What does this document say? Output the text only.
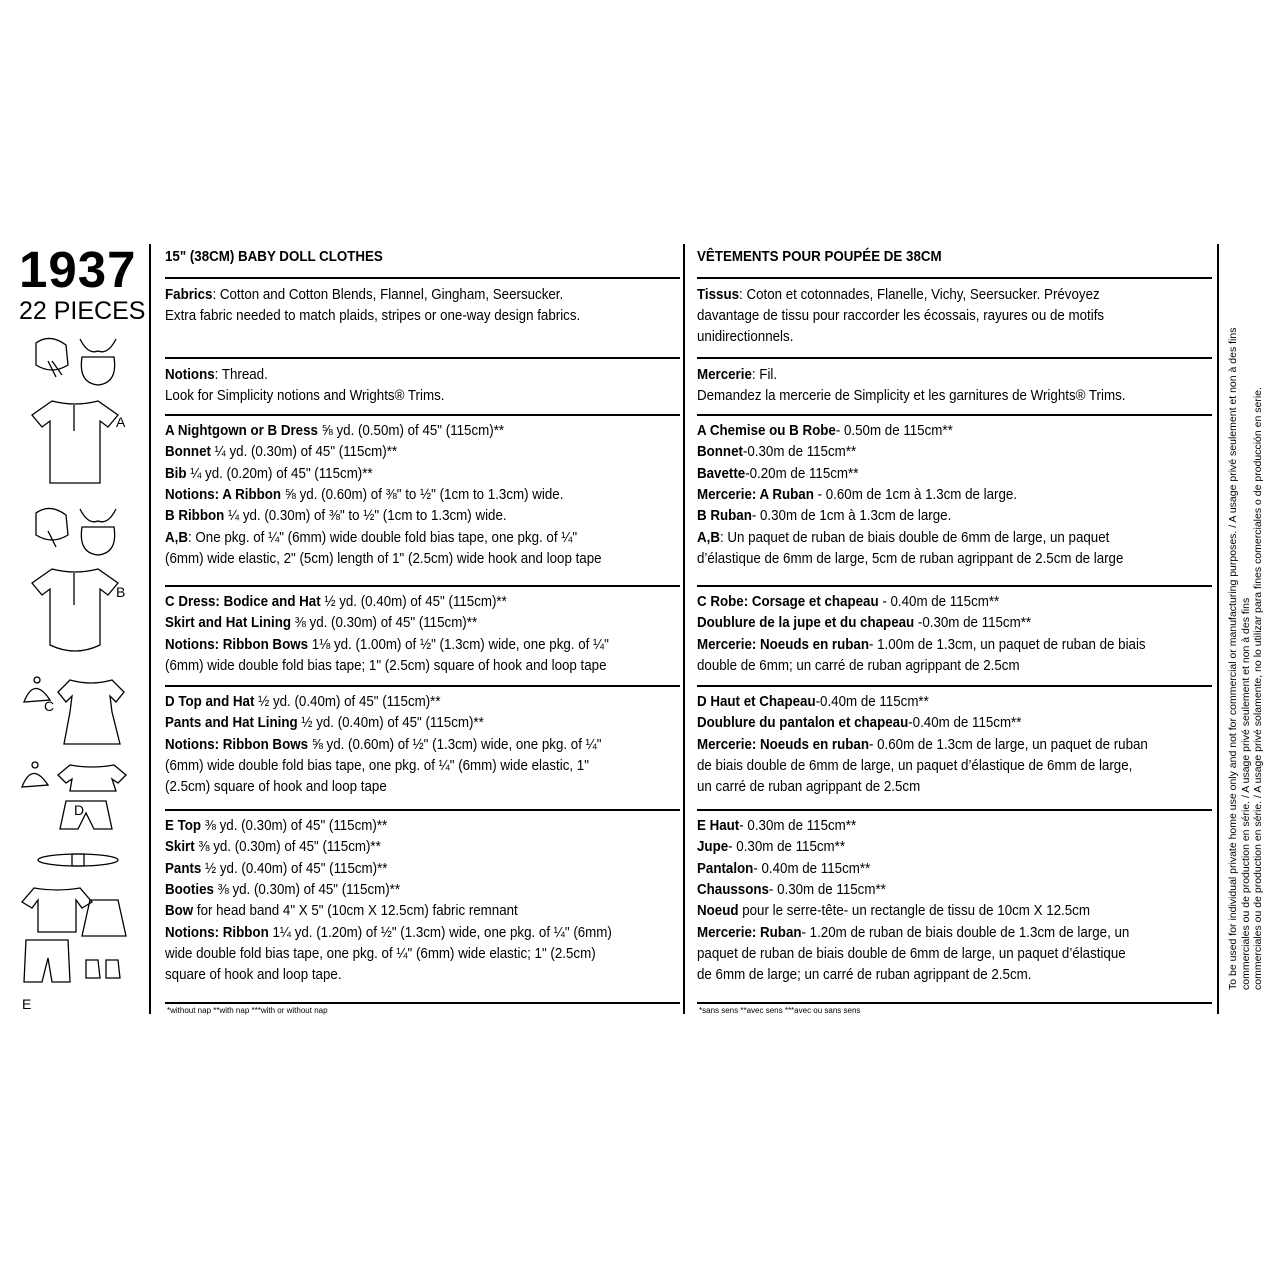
1937
22 PIECES
A
B
C
D
E
15" (38CM) BABY DOLL CLOTHES
Fabrics: Cotton and Cotton Blends, Flannel, Gingham, Seersucker.
Extra fabric needed to match plaids, stripes or one-way design fabrics.
Notions: Thread.
Look for Simplicity notions and Wrights® Trims.
A Nightgown or B Dress ⅝ yd. (0.50m) of 45" (115cm)**
Bonnet ¼ yd. (0.30m) of 45" (115cm)**
Bib ¼ yd. (0.20m) of 45" (115cm)**
Notions: A Ribbon ⅝ yd. (0.60m) of ⅜" to ½" (1cm to 1.3cm) wide.
B Ribbon ¼ yd. (0.30m) of ⅜" to ½" (1cm to 1.3cm) wide.
A,B: One pkg. of ¼" (6mm) wide double fold bias tape, one pkg. of ¼"
(6mm) wide elastic, 2" (5cm) length of 1" (2.5cm) wide hook and loop tape
C Dress: Bodice and Hat ½ yd. (0.40m) of 45" (115cm)**
Skirt and Hat Lining ⅜ yd. (0.30m) of 45" (115cm)**
Notions: Ribbon Bows 1⅛ yd. (1.00m) of ½" (1.3cm) wide, one pkg. of ¼"
(6mm) wide double fold bias tape; 1" (2.5cm) square of hook and loop tape
D Top and Hat ½ yd. (0.40m) of 45" (115cm)**
Pants and Hat Lining ½ yd. (0.40m) of 45" (115cm)**
Notions: Ribbon Bows ⅝ yd. (0.60m) of ½" (1.3cm) wide, one pkg. of ¼"
(6mm) wide double fold bias tape, one pkg. of ¼" (6mm) wide elastic, 1"
(2.5cm) square of hook and loop tape
E Top ⅜ yd. (0.30m) of 45" (115cm)**
Skirt ⅜ yd. (0.30m) of 45" (115cm)**
Pants ½ yd. (0.40m) of 45" (115cm)**
Booties ⅜ yd. (0.30m) of 45" (115cm)**
Bow for head band 4" X 5" (10cm X 12.5cm) fabric remnant
Notions: Ribbon 1¼ yd. (1.20m) of ½" (1.3cm) wide, one pkg. of ¼" (6mm)
wide double fold bias tape, one pkg. of ¼" (6mm) wide elastic; 1" (2.5cm)
square of hook and loop tape.
*without nap **with nap ***with or without nap
VÊTEMENTS POUR POUPÉE DE 38CM
Tissus: Coton et cotonnades, Flanelle, Vichy, Seersucker. Prévoyez
davantage de tissu pour raccorder les écossais, rayures ou de motifs
unidirectionnels.
Mercerie: Fil.
Demandez la mercerie de Simplicity et les garnitures de Wrights® Trims.
A Chemise ou B Robe- 0.50m de 115cm**
Bonnet-0.30m de 115cm**
Bavette-0.20m de 115cm**
Mercerie: A Ruban - 0.60m de 1cm à 1.3cm de large.
B Ruban- 0.30m de 1cm à 1.3cm de large.
A,B: Un paquet de ruban de biais double de 6mm de large, un paquet
d’élastique de 6mm de large, 5cm de ruban agrippant de 2.5cm de large
C Robe: Corsage et chapeau - 0.40m de 115cm**
Doublure de la jupe et du chapeau -0.30m de 115cm**
Mercerie: Noeuds en ruban- 1.00m de 1.3cm, un paquet de ruban de biais
double de 6mm; un carré de ruban agrippant de 2.5cm
D Haut et Chapeau-0.40m de 115cm**
Doublure du pantalon et chapeau-0.40m de 115cm**
Mercerie: Noeuds en ruban- 0.60m de 1.3cm de large, un paquet de ruban
de biais double de 6mm de large, un paquet d’élastique de 6mm de large,
un carré de ruban agrippant de 2.5cm
E Haut- 0.30m de 115cm**
Jupe- 0.30m de 115cm**
Pantalon- 0.40m de 115cm**
Chaussons- 0.30m de 115cm**
Noeud pour le serre-tête- un rectangle de tissu de 10cm X 12.5cm
Mercerie: Ruban- 1.20m de ruban de biais double de 1.3cm de large, un
paquet de ruban de biais double de 6mm de large, un paquet d’élastique
de 6mm de large; un carré de ruban agrippant de 2.5cm.
*sans sens **avec sens ***avec ou sans sens
To be used for individual private home use only and not for commercial or manufacturing purposes. / A usage privé seulement et non à des fins commerciales ou de production en série. / A usage privé seulement et non à des fins commerciales ou de production en série. / A usage privé solamente, no lo utilizar para fines comerciales o de producción en serie.
